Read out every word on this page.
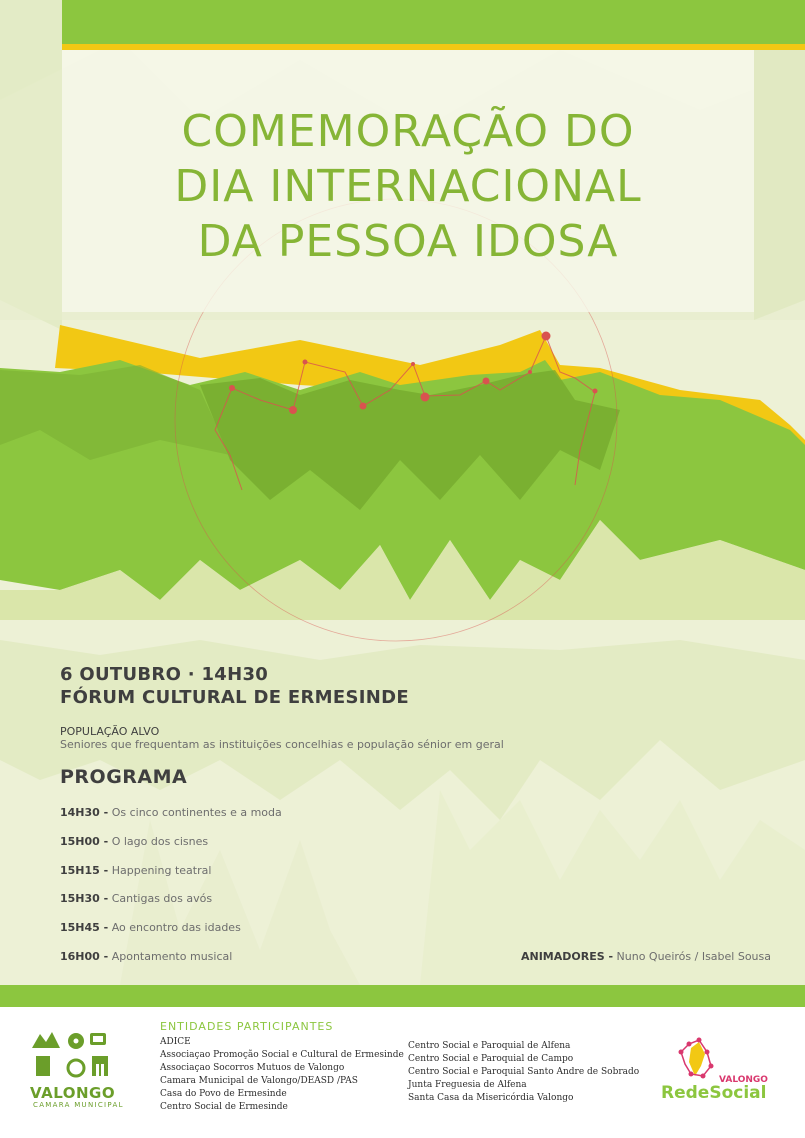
COMEMORAÇÃO DO
DIA INTERNACIONAL
DA PESSOA IDOSA

6 OUTUBRO · 14H30

FÓRUM CULTURAL DE ERMESINDE

POPULAÇÃO ALVO
Seniores que frequentam as instituições concelhias e população sénior em geral
PROGRAMA
14H30 - Os cinco continentes e a moda
15H00 - O lago dos cisnes
15H15 - Happening teatral
15H30 - Cantigas dos avós
15H45 - Ao encontro das idades
16H00 - Apontamento musical	ANIMADORES - Nuno Queirós / Isabel Sousa
VALONGO
CAMARA MUNICIPAL
ENTIDADES PARTICIPANTES
ADICE
Associaçao Promoção Social e Cultural de Ermesinde
Associaçao Socorros Mutuos de Valongo
Camara Municipal de Valongo/DEASD /PAS
Casa do Povo de Ermesinde
Centro Social de Ermesinde
Centro Social e Paroquial de Alfena
Centro Social e Paroquial de Campo
Centro Social e Paroquial Santo Andre de Sobrado
Junta Freguesia de Alfena
Santa Casa da Misericórdia Valongo
VALONGO
RedeSocial
